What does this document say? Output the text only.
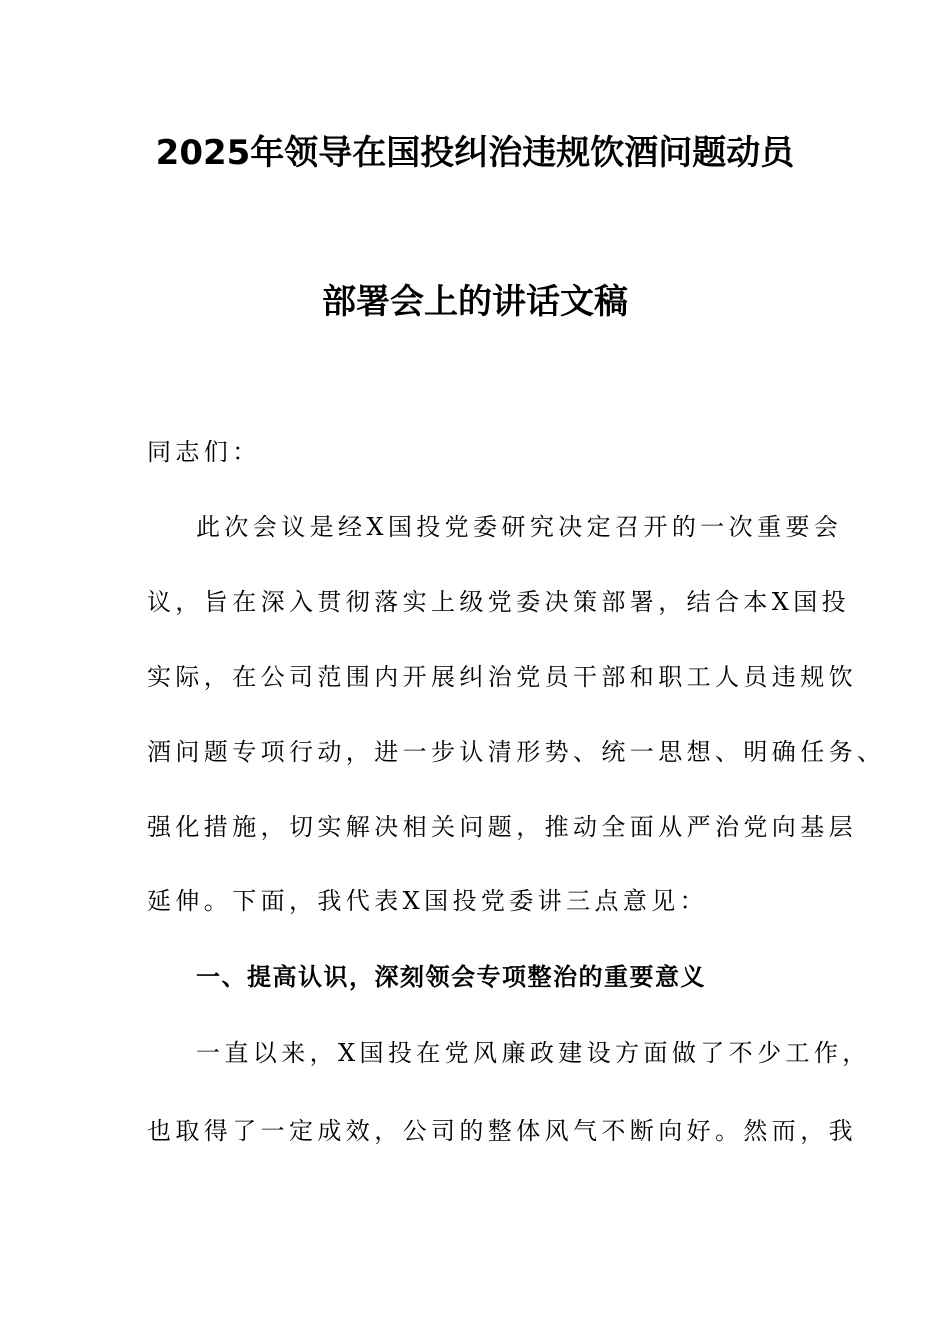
2025年领导在国投纠治违规饮酒问题动员
部署会上的讲话文稿
同志们：
此次会议是经X国投党委研究决定召开的一次重要会
议，旨在深入贯彻落实上级党委决策部署，结合本X国投
实际，在公司范围内开展纠治党员干部和职工人员违规饮
酒问题专项行动，进一步认清形势、统一思想、明确任务、
强化措施，切实解决相关问题，推动全面从严治党向基层
延伸。下面，我代表X国投党委讲三点意见：
一、提高认识，深刻领会专项整治的重要意义
一直以来，X国投在党风廉政建设方面做了不少工作，
也取得了一定成效，公司的整体风气不断向好。然而，我
